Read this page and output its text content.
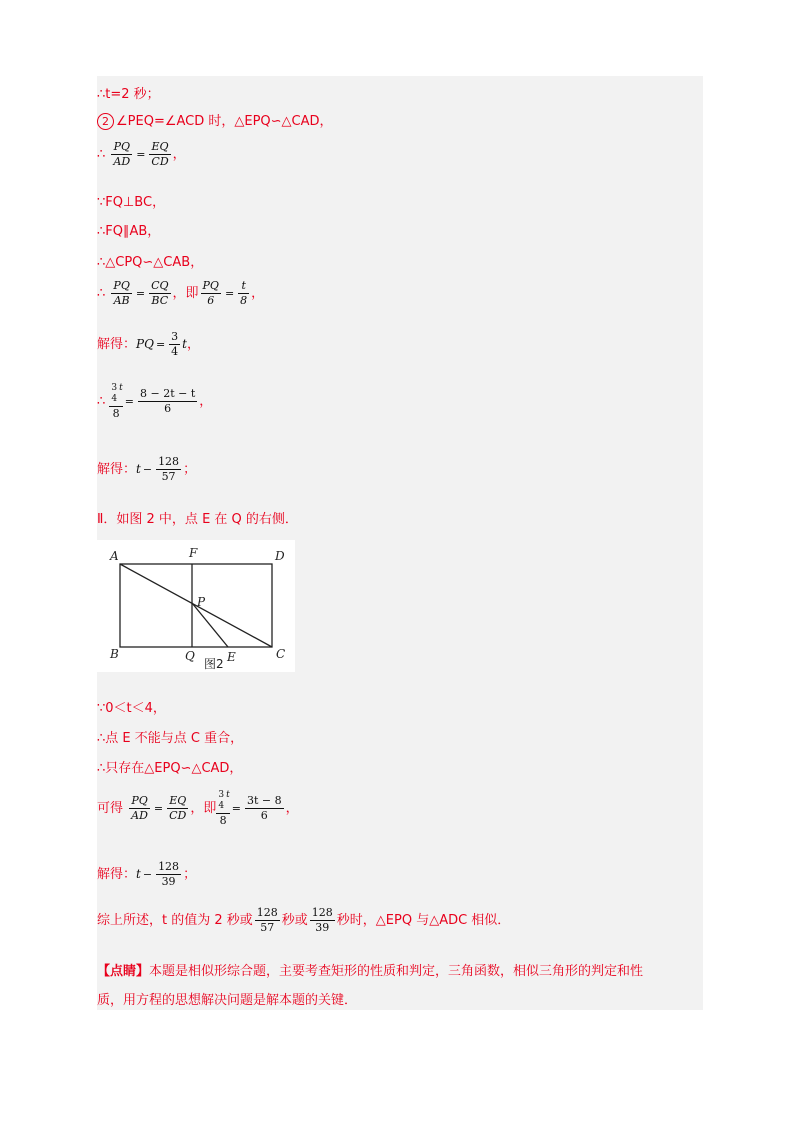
∴t=2 秒；
2 ∠PEQ=∠ACD 时，△EPQ∽△CAD，
∴ $\frac{PQ}{AD} = \frac{EQ}{CD}$ ，
∵FQ⊥BC，
∴FQ∥AB，
∴△CPQ∽△CAB，
∴ $\frac{PQ}{AB} = \frac{CQ}{BC}$ ，即 $\frac{PQ}{6} = \frac{t}{8}$ ，
解得：PQ = $\frac{3}{4}$ t，
∴ 3
4
t
$8 = \frac{8 - 2t - t}{6}$ ，
解得：$t - \frac{128}{57}$ ；
Ⅱ．如图 2 中，点 E 在 Q 的右侧．
A	F	D
P
B	Q	E	C
图2
∵0＜t＜4，
∴点 E 不能与点 C 重合，
∴只存在△EPQ∽△CAD，
可得 $\frac{PQ}{AD} = \frac{EQ}{CD}$ ，即 3
4
t
$8 = \frac{3t - 8}{6}$ ，
解得：$t - \frac{128}{39}$ ；
综上所述，t 的值为 2 秒或 $\frac{128}{57}$ 秒或 $\frac{128}{39}$ 秒时，△EPQ 与△ADC 相似．
【点睛】本题是相似形综合题，主要考查矩形的性质和判定，三角函数，相似三角形的判定和性
质，用方程的思想解决问题是解本题的关键．
